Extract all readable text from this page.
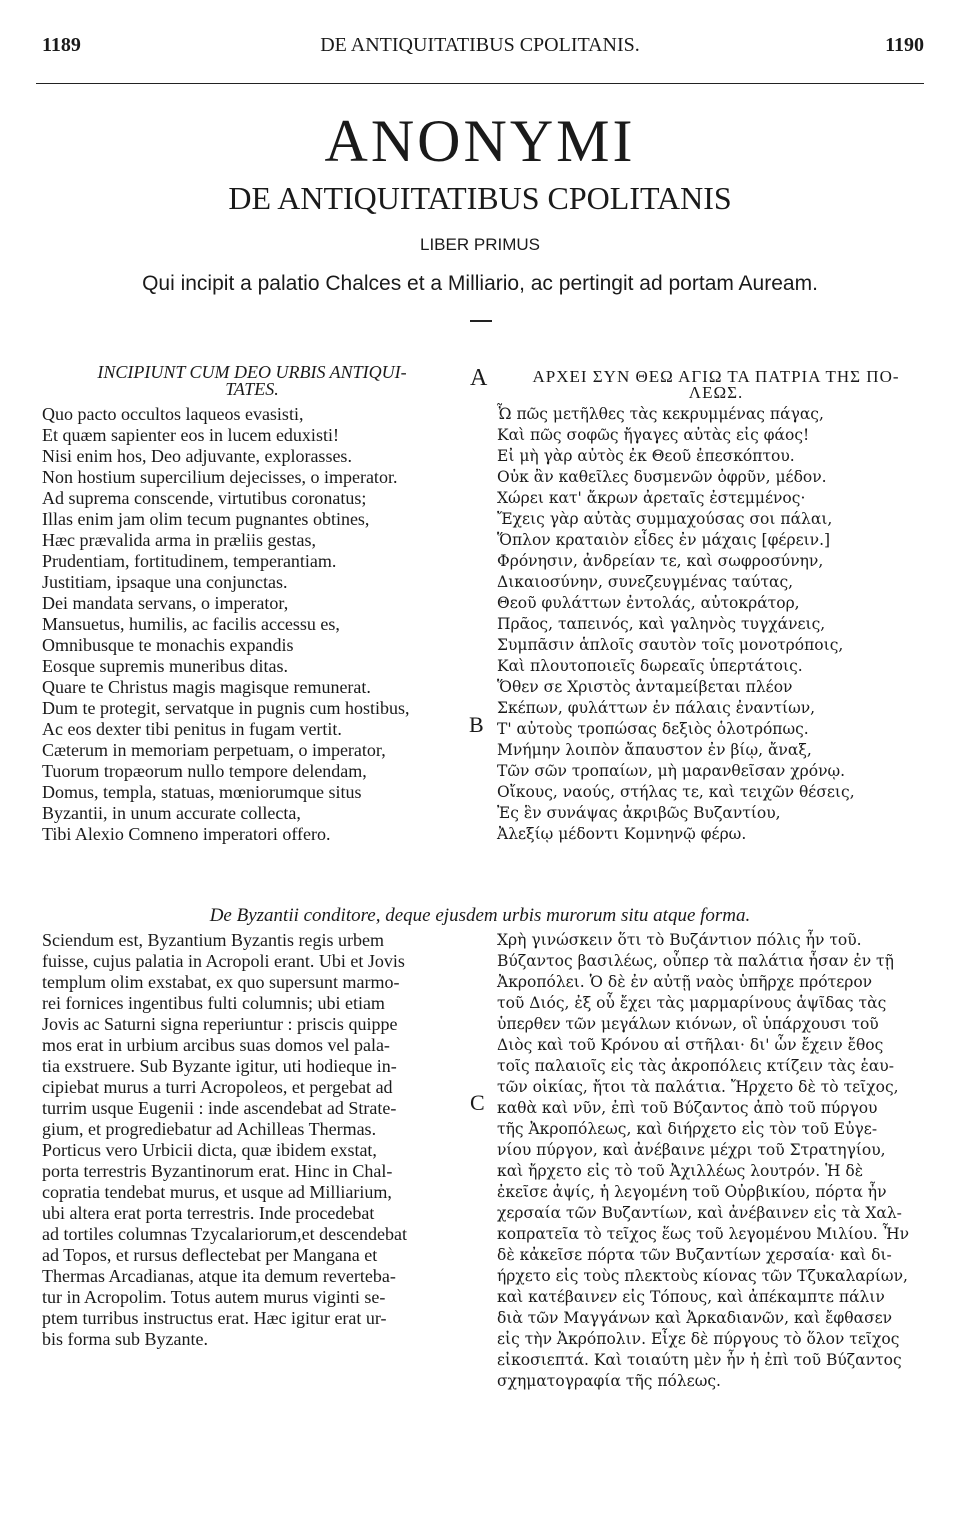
1189	DE ANTIQUITATIBUS CPOLITANIS.	1190
ANONYMI
DE ANTIQUITATIBUS CPOLITANIS
LIBER PRIMUS
Qui incipit a palatio Chalces et a Milliario, ac pertingit ad portam Auream.
INCIPIUNT CUM DEO URBIS ANTIQUI-
TATES.	A	ΑΡΧΕΙ ΣΥΝ ΘΕΩ ΑΓΙΩ ΤΑ ΠΑΤΡΙΑ ΤΗΣ ΠΟ-
ΛΕΩΣ.
Quo pacto occultos laqueos evasisti,
Et quæm sapienter eos in lucem eduxisti!
Nisi enim hos, Deo adjuvante, explorasses.
Non hostium supercilium dejecisses, o imperator.
Ad suprema conscende, virtutibus coronatus;
Illas enim jam olim tecum pugnantes obtines,
Hæc prævalida arma in præliis gestas,
Prudentiam, fortitudinem, temperantiam.
Justitiam, ipsaque una conjunctas.
Dei mandata servans, o imperator,
Mansuetus, humilis, ac facilis accessu es,
Omnibusque te monachis expandis
Eosque supremis muneribus ditas.
Quare te Christus magis magisque remunerat.
Dum te protegit, servatque in pugnis cum hostibus,
Ac eos dexter tibi penitus in fugam vertit.
Cæterum in memoriam perpetuam, o imperator,
Tuorum tropæorum nullo tempore delendam,
Domus, templa, statuas, mœniorumque situs
Byzantii, in unum accurate collecta,
Tibi Alexio Comneno imperatori offero.
Ὦ πῶς μετῆλθες τὰς κεκρυμμένας πάγας,
Καὶ πῶς σοφῶς ἤγαγες αὐτὰς εἰς φάος!
Εἰ μὴ γὰρ αὐτὸς ἐκ Θεοῦ ἐπεσκόπτου.
Οὐκ ἂν καθεῖλες δυσμενῶν ὀφρῦν, μέδον.
Χώρει κατ' ἄκρων ἀρεταῖς ἐστεμμένος·
Ἔχεις γὰρ αὐτὰς συμμαχούσας σοι πάλαι,
Ὅπλον κραταιὸν εἶδες ἐν μάχαις [φέρειν.]
Φρόνησιν, ἀνδρείαν τε, καὶ σωφροσύνην,
Δικαιοσύνην, συνεζευγμένας ταύτας,
Θεοῦ φυλάττων ἐντολάς, αὐτοκράτορ,
Πρᾶος, ταπεινός, καὶ γαληνὸς τυγχάνεις,
Συμπᾶσιν ἁπλοῖς σαυτὸν τοῖς μονοτρόποις,
Καὶ πλουτοποιεῖς δωρεαῖς ὑπερτάτοις.
Ὅθεν σε Χριστὸς ἀνταμείβεται πλέον
Σκέπων, φυλάττων ἐν πάλαις ἐναντίων,
Τ' αὐτοὺς τροπώσας δεξιὸς ὁλοτρόπως.
Μνήμην λοιπὸν ἄπαυστον ἐν βίῳ, ἄναξ,
Τῶν σῶν τροπαίων, μὴ μαρανθεῖσαν χρόνῳ.
Οἴκους, ναούς, στήλας τε, καὶ τειχῶν θέσεις,
Ἐς ἓν συνάψας ἀκριβῶς Βυζαντίου,
Ἀλεξίῳ μέδοντι Κομνηνῷ φέρω.
B
De Byzantii conditore, deque ejusdem urbis murorum situ atque forma.
Sciendum est, Byzantium Byzantis regis urbem
fuisse, cujus palatia in Acropoli erant. Ubi et Jovis
templum olim exstabat, ex quo supersunt marmo-
rei fornices ingentibus fulti columnis; ubi etiam
Jovis ac Saturni signa reperiuntur : priscis quippe
mos erat in urbium arcibus suas domos vel pala-
tia exstruere. Sub Byzante igitur, uti hodieque in-
cipiebat murus a turri Acropoleos, et pergebat ad
turrim usque Eugenii : inde ascendebat ad Strate-
gium, et progrediebatur ad Achilleas Thermas.
Porticus vero Urbicii dicta, quæ ibidem exstat,
porta terrestris Byzantinorum erat. Hinc in Chal-
copratia tendebat murus, et usque ad Milliarium,
ubi altera erat porta terrestris. Inde procedebat
ad tortiles columnas Tzycalariorum,et descendebat
ad Topos, et rursus deflectebat per Mangana et
Thermas Arcadianas, atque ita demum reverteba-
tur in Acropolim. Totus autem murus viginti se-
ptem turribus instructus erat. Hæc igitur erat ur-
bis forma sub Byzante.
Χρὴ γινώσκειν ὅτι τὸ Βυζάντιον πόλις ἦν τοῦ.
Βύζαντος βασιλέως, οὗπερ τὰ παλάτια ἦσαν ἐν τῇ
Ἀκροπόλει. Ὁ δὲ ἐν αὐτῇ ναὸς ὑπῆρχε πρότερον
τοῦ Διός, ἐξ οὗ ἔχει τὰς μαρμαρίνους ἁψῖδας τὰς
ὑπερθεν τῶν μεγάλων κιόνων, οἳ ὑπάρχουσι τοῦ
Διὸς καὶ τοῦ Κρόνου αἱ στῆλαι· δι' ὧν ἔχειν ἔθος
τοῖς παλαιοῖς εἰς τὰς ἀκροπόλεις κτίζειν τὰς ἑαυ-
τῶν οἰκίας, ἤτοι τὰ παλάτια. Ἤρχετο δὲ τὸ τεῖχος,
καθὰ καὶ νῦν, ἐπὶ τοῦ Βύζαντος ἀπὸ τοῦ πύργου
τῆς Ἀκροπόλεως, καὶ διήρχετο εἰς τὸν τοῦ Εὐγε-
νίου πύργον, καὶ ἀνέβαινε μέχρι τοῦ Στρατηγίου,
καὶ ἤρχετο εἰς τὸ τοῦ Ἀχιλλέως λουτρόν. Ἡ δὲ
ἐκεῖσε ἀψίς, ἡ λεγομένη τοῦ Οὐρβικίου, πόρτα ἦν
χερσαία τῶν Βυζαντίων, καὶ ἀνέβαινεν εἰς τὰ Χαλ-
κοπρατεῖα τὸ τεῖχος ἕως τοῦ λεγομένου Μιλίου. Ἦν
δὲ κἀκεῖσε πόρτα τῶν Βυζαντίων χερσαία· καὶ δι-
ήρχετο εἰς τοὺς πλεκτοὺς κίονας τῶν Τζυκαλαρίων,
καὶ κατέβαινεν εἰς Τόπους, καὶ ἀπέκαμπτε πάλιν
διὰ τῶν Μαγγάνων καὶ Ἀρκαδιανῶν, καὶ ἔφθασεν
εἰς τὴν Ἀκρόπολιν. Εἶχε δὲ πύργους τὸ ὅλον τεῖχος
εἰκοσιεπτά. Καὶ τοιαύτη μὲν ἦν ἡ ἐπὶ τοῦ Βύζαντος
σχηματογραφία τῆς πόλεως.
C
